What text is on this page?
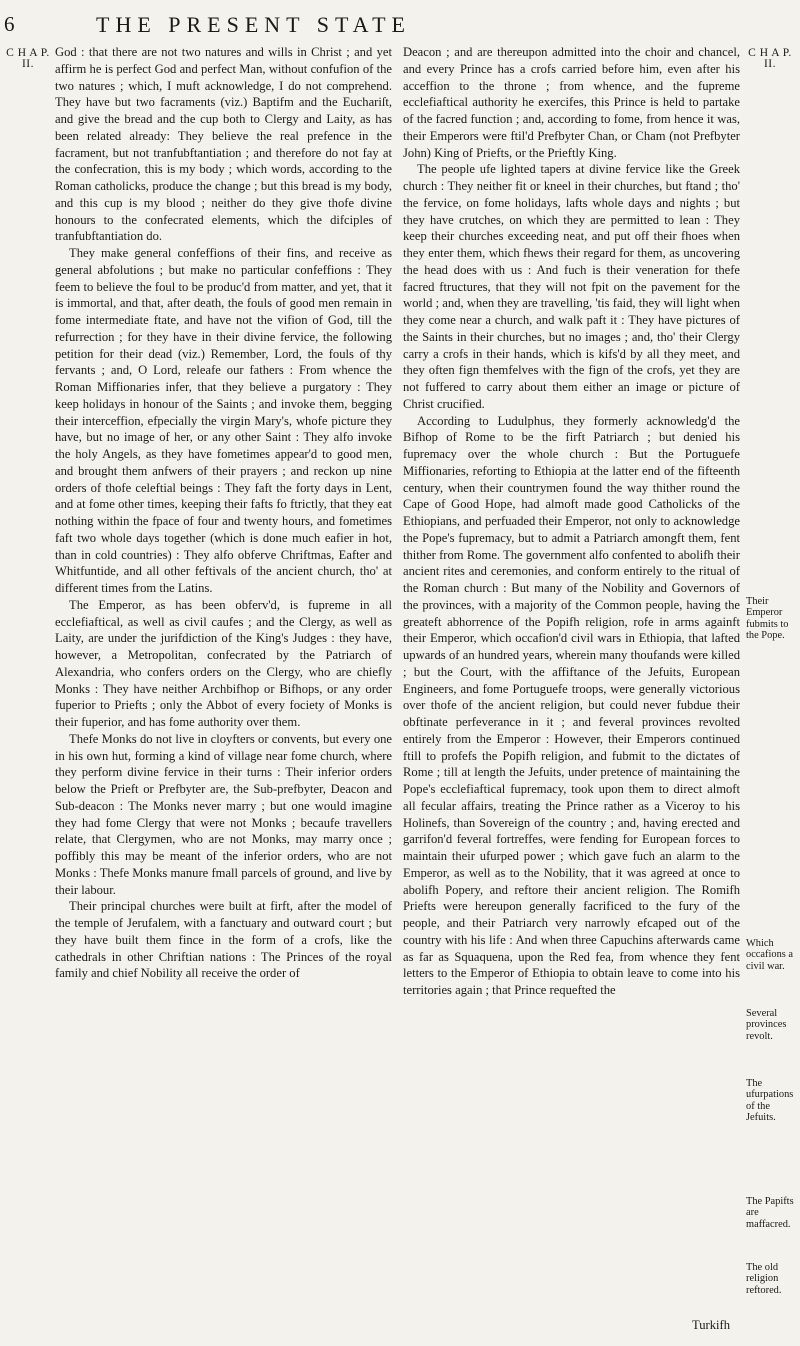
6	THE PRESENT STATE
C H A P.
II.
C H A P.
II.

God : that there are not two natures and wills in Christ ; and yet affirm he is perfect God and perfect Man, without confufion of the two natures ; which, I muft acknowledge, I do not comprehend. They have but two facraments (viz.) Baptifm and the Euchariſt, and give the bread and the cup both to Clergy and Laity, as has been related already: They believe the real prefence in the facrament, but not tranfubftantiation ; and therefore do not fay at the confecration, this is my body ; which words, according to the Roman catholicks, produce the change ; but this bread is my body, and this cup is my blood ; neither do they give thofe divine honours to the confecrated elements, which the difciples of tranfubftantiation do.

They make general confeffions of their fins, and receive as general abfolutions ; but make no particular confeffions : They feem to believe the foul to be produc'd from matter, and yet, that it is immortal, and that, after death, the fouls of good men remain in fome intermediate ftate, and have not the vifion of God, till the refurrection ; for they have in their divine fervice, the following petition for their dead (viz.) Remember, Lord, the fouls of thy fervants ; and, O Lord, releafe our fathers : From whence the Roman Miffionaries infer, that they believe a purgatory : They keep holidays in honour of the Saints ; and invoke them, begging their interceffion, efpecially the virgin Mary's, whofe picture they have, but no image of her, or any other Saint : They alfo invoke the holy Angels, as they have fometimes appear'd to good men, and brought them anfwers of their prayers ; and reckon up nine orders of thofe celeftial beings : They faft the forty days in Lent, and at fome other times, keeping their fafts fo ftrictly, that they eat nothing within the fpace of four and twenty hours, and fometimes faft two whole days together (which is done much eafier in hot, than in cold countries) : They alfo obferve Chriftmas, Eafter and Whitfuntide, and all other feftivals of the ancient church, tho' at different times from the Latins.

The Emperor, as has been obferv'd, is fupreme in all ecclefiaftical, as well as civil caufes ; and the Clergy, as well as Laity, are under the jurifdiction of the King's Judges : they have, however, a Metropolitan, confecrated by the Patriarch of Alexandria, who confers orders on the Clergy, who are chiefly Monks : They have neither Archbifhop or Bifhops, or any order fuperior to Priefts ; only the Abbot of every fociety of Monks is their fuperior, and has fome authority over them.

Thefe Monks do not live in cloyfters or convents, but every one in his own hut, forming a kind of village near fome church, where they perform divine fervice in their turns : Their inferior orders below the Prieft or Prefbyter are, the Sub-prefbyter, Deacon and Sub-deacon : The Monks never marry ; but one would imagine they had fome Clergy that were not Monks ; becaufe travellers relate, that Clergymen, who are not Monks, may marry once ; poffibly this may be meant of the inferior orders, who are not Monks : Thefe Monks manure fmall parcels of ground, and live by their labour.

Their principal churches were built at firft, after the model of the temple of Jerufalem, with a fanctuary and outward court ; but they have built them fince in the form of a crofs, like the cathedrals in other Chriftian nations : The Princes of the royal family and chief Nobility all receive the order of

Deacon ; and are thereupon admitted into the choir and chancel, and every Prince has a crofs carried before him, even after his acceffion to the throne ; from whence, and the fupreme ecclefiaftical authority he exercifes, this Prince is held to partake of the facred function ; and, according to fome, from hence it was, their Emperors were ftil'd Prefbyter Chan, or Cham (not Prefbyter John) King of Priefts, or the Prieftly King.

The people ufe lighted tapers at divine fervice like the Greek church : They neither fit or kneel in their churches, but ftand ; tho' the fervice, on fome holidays, lafts whole days and nights ; but they have crutches, on which they are permitted to lean : They keep their churches exceeding neat, and put off their fhoes when they enter them, which fhews their regard for them, as uncovering the head does with us : And fuch is their veneration for thefe facred ftructures, that they will not fpit on the pavement for the world ; and, when they are travelling, 'tis faid, they will light when they come near a church, and walk paft it : They have pictures of the Saints in their churches, but no images ; and, tho' their Clergy carry a crofs in their hands, which is kifs'd by all they meet, and they often fign themfelves with the fign of the crofs, yet they are not fuffered to carry about them either an image or picture of Christ crucified.

According to Ludulphus, they formerly acknowledg'd the Bifhop of Rome to be the firft Patriarch ; but denied his fupremacy over the whole church : But the Portuguefe Miffionaries, reforting to Ethiopia at the latter end of the fifteenth century, when their countrymen found the way thither round the Cape of Good Hope, had almoft made good Catholicks of the Ethiopians, and perfuaded their Emperor, not only to acknowledge the Pope's fupremacy, but to admit a Patriarch amongft them, fent thither from Rome. The government alfo confented to abolifh their ancient rites and ceremonies, and conform entirely to the ritual of the Roman church : But many of the Nobility and Governors of the provinces, with a majority of the Common people, having the greateft abhorrence of the Popifh religion, rofe in arms againft their Emperor, which occafion'd civil wars in Ethiopia, that lafted upwards of an hundred years, wherein many thoufands were killed ; but the Court, with the affiftance of the Jefuits, European Engineers, and fome Portuguefe troops, were generally victorious over thofe of the ancient religion, but could never fubdue their obftinate perfeverance in it ; and feveral provinces revolted entirely from the Emperor : However, their Emperors continued ftill to profefs the Popifh religion, and fubmit to the dictates of Rome ; till at length the Jefuits, under pretence of maintaining the Pope's ecclefiaftical fupremacy, took upon them to direct almoft all fecular affairs, treating the Prince rather as a Viceroy to his Holinefs, than Sovereign of the country ; and, having erected and garrifon'd feveral fortreffes, were fending for European forces to maintain their ufurped power ; which gave fuch an alarm to the Emperor, as well as to the Nobility, that it was agreed at once to abolifh Popery, and reftore their ancient religion. The Romifh Priefts were hereupon generally facrificed to the fury of the people, and their Patriarch very narrowly efcaped out of the country with his life : And when three Capuchins afterwards came as far as Squaquena, upon the Red fea, from whence they fent letters to the Emperor of Ethiopia to obtain leave to come into his territories again ; that Prince requefted the

Their Emperor fubmits to the Pope.
Which occafions a civil war.
Several provinces revolt.
The ufurpations of the Jefuits.
The Papifts are maffacred.
The old religion reftored.
Turkifh
